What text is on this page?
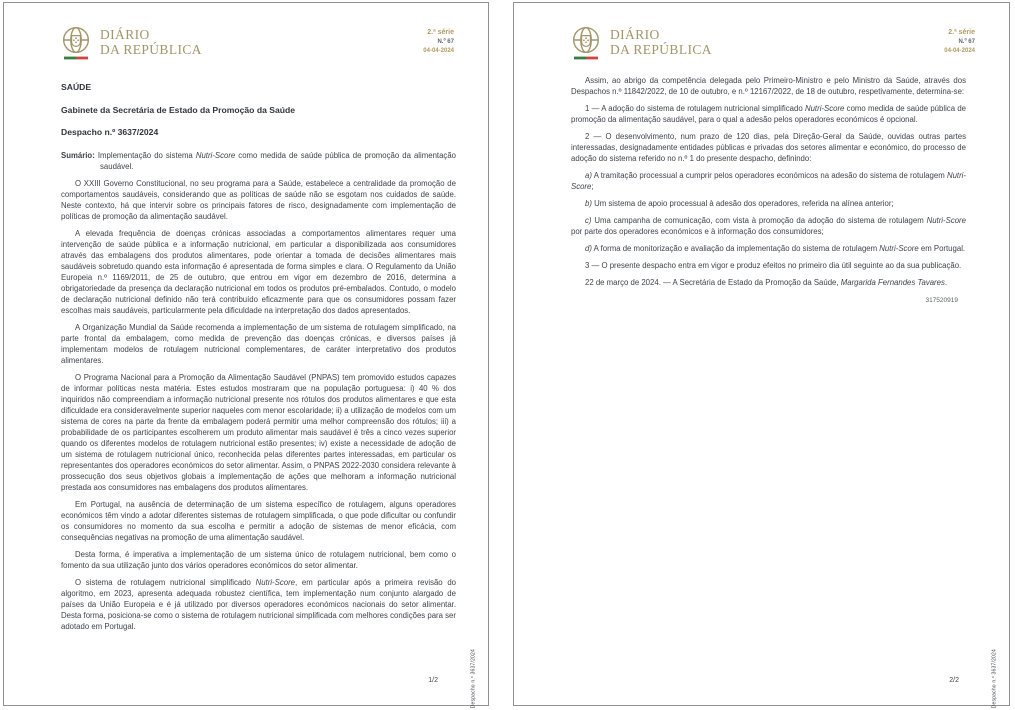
DIÁRIO
DA REPÚBLICA
2.ª série
N.º 67
04-04-2024

SAÚDE

Gabinete da Secretária de Estado da Promoção da Saúde

Despacho n.º 3637/2024

Sumário: Implementação do sistema Nutri-Score como medida de saúde pública de promoção da alimentação saudável.

O XXIII Governo Constitucional, no seu programa para a Saúde, estabelece a centralidade da promoção de comportamentos saudáveis, considerando que as políticas de saúde não se esgotam nos cuidados de saúde. Neste contexto, há que intervir sobre os principais fatores de risco, designadamente com implementação de políticas de promoção da alimentação saudável.

A elevada frequência de doenças crónicas associadas a comportamentos alimentares requer uma intervenção de saúde pública e a informação nutricional, em particular a disponibilizada aos consumidores através das embalagens dos produtos alimentares, pode orientar a tomada de decisões alimentares mais saudáveis sobretudo quando esta informação é apresentada de forma simples e clara. O Regulamento da União Europeia n.º 1169/2011, de 25 de outubro, que entrou em vigor em dezembro de 2016, determina a obrigatoriedade da presença da declaração nutricional em todos os produtos pré-embalados. Contudo, o modelo de declaração nutricional definido não terá contribuído eficazmente para que os consumidores possam fazer escolhas mais saudáveis, particularmente pela dificuldade na interpretação dos dados apresentados.

A Organização Mundial da Saúde recomenda a implementação de um sistema de rotulagem simplificado, na parte frontal da embalagem, como medida de prevenção das doenças crónicas, e diversos países já implementam modelos de rotulagem nutricional complementares, de caráter interpretativo dos produtos alimentares.

O Programa Nacional para a Promoção da Alimentação Saudável (PNPAS) tem promovido estudos capazes de informar políticas nesta matéria. Estes estudos mostraram que na população portuguesa: i) 40 % dos inquiridos não compreendiam a informação nutricional presente nos rótulos dos produtos alimentares e que esta dificuldade era consideravelmente superior naqueles com menor escolaridade; ii) a utilização de modelos com um sistema de cores na parte da frente da embalagem poderá permitir uma melhor compreensão dos rótulos; iii) a probabilidade de os participantes escolherem um produto alimentar mais saudável é três a cinco vezes superior quando os diferentes modelos de rotulagem nutricional estão presentes; iv) existe a necessidade de adoção de um sistema de rotulagem nutricional único, reconhecida pelas diferentes partes interessadas, em particular os representantes dos operadores económicos do setor alimentar. Assim, o PNPAS 2022-2030 considera relevante à prossecução dos seus objetivos globais a implementação de ações que melhoram a informação nutricional prestada aos consumidores nas embalagens dos produtos alimentares.

Em Portugal, na ausência de determinação de um sistema específico de rotulagem, alguns operadores económicos têm vindo a adotar diferentes sistemas de rotulagem simplificada, o que pode dificultar ou confundir os consumidores no momento da sua escolha e permitir a adoção de sistemas de menor eficácia, com consequências negativas na promoção de uma alimentação saudável.

Desta forma, é imperativa a implementação de um sistema único de rotulagem nutricional, bem como o fomento da sua utilização junto dos vários operadores económicos do setor alimentar.

O sistema de rotulagem nutricional simplificado Nutri-Score, em particular após a primeira revisão do algoritmo, em 2023, apresenta adequada robustez científica, tem implementação num conjunto alargado de países da União Europeia e é já utilizado por diversos operadores económicos nacionais do setor alimentar. Desta forma, posiciona-se como o sistema de rotulagem nutricional simplificada com melhores condições para ser adotado em Portugal.

Despacho n.º 3637/2024
1/2
DIÁRIO
DA REPÚBLICA
2.ª série
N.º 67
04-04-2024

Assim, ao abrigo da competência delegada pelo Primeiro-Ministro e pelo Ministro da Saúde, através dos Despachos n.º 11842/2022, de 10 de outubro, e n.º 12167/2022, de 18 de outubro, respetivamente, determina-se:

1 — A adoção do sistema de rotulagem nutricional simplificado Nutri-Score como medida de saúde pública de promoção da alimentação saudável, para o qual a adesão pelos operadores económicos é opcional.

2 — O desenvolvimento, num prazo de 120 dias, pela Direção-Geral da Saúde, ouvidas outras partes interessadas, designadamente entidades públicas e privadas dos setores alimentar e económico, do processo de adoção do sistema referido no n.º 1 do presente despacho, definindo:

a) A tramitação processual a cumprir pelos operadores económicos na adesão do sistema de rotulagem Nutri-Score;

b) Um sistema de apoio processual à adesão dos operadores, referida na alínea anterior;

c) Uma campanha de comunicação, com vista à promoção da adoção do sistema de rotulagem Nutri-Score por parte dos operadores económicos e à informação dos consumidores;

d) A forma de monitorização e avaliação da implementação do sistema de rotulagem Nutri-Score em Portugal.

3 — O presente despacho entra em vigor e produz efeitos no primeiro dia útil seguinte ao da sua publicação.

22 de março de 2024. — A Secretária de Estado da Promoção da Saúde, Margarida Fernandes Tavares.

317520919
Despacho n.º 3637/2024
2/2
